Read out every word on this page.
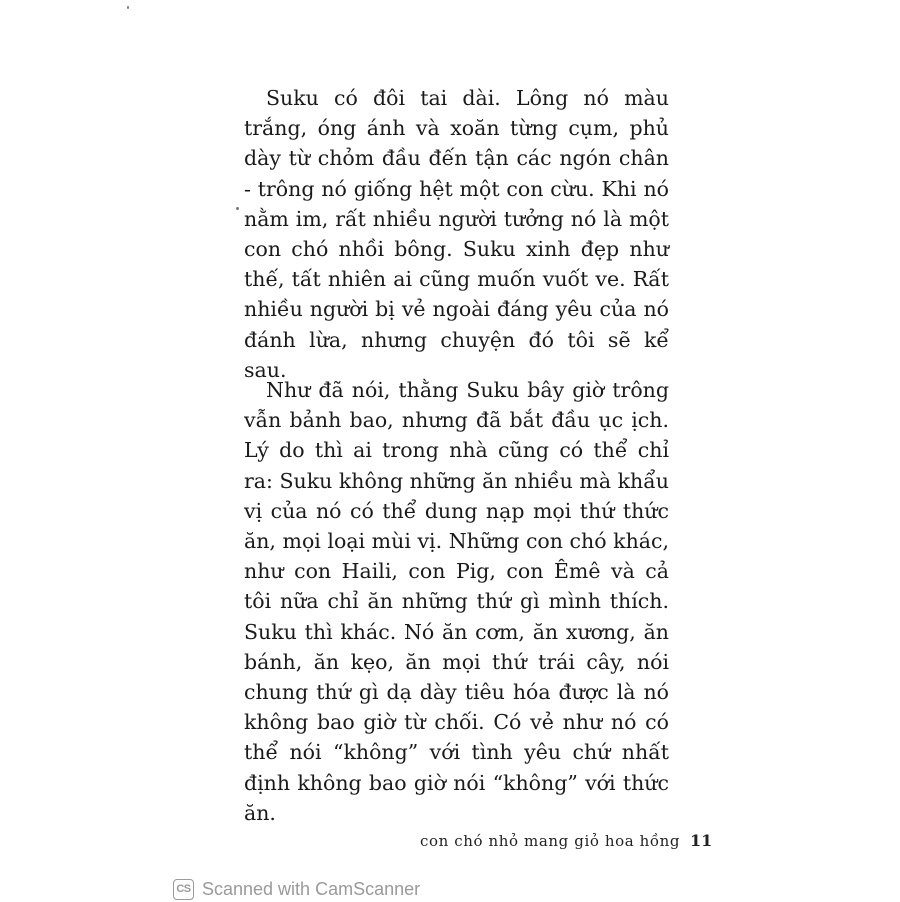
Suku có đôi tai dài. Lông nó màu trắng, óng ánh và xoăn từng cụm, phủ dày từ chỏm đầu đến tận các ngón chân - trông nó giống hệt một con cừu. Khi nó nằm im, rất nhiều người tưởng nó là một con chó nhồi bông. Suku xinh đẹp như thế, tất nhiên ai cũng muốn vuốt ve. Rất nhiều người bị vẻ ngoài đáng yêu của nó đánh lừa, nhưng chuyện đó tôi sẽ kể sau.

Như đã nói, thằng Suku bây giờ trông vẫn bảnh bao, nhưng đã bắt đầu ục ịch. Lý do thì ai trong nhà cũng có thể chỉ ra: Suku không những ăn nhiều mà khẩu vị của nó có thể dung nạp mọi thứ thức ăn, mọi loại mùi vị. Những con chó khác, như con Haili, con Pig, con Êmê và cả tôi nữa chỉ ăn những thứ gì mình thích. Suku thì khác. Nó ăn cơm, ăn xương, ăn bánh, ăn kẹo, ăn mọi thứ trái cây, nói chung thứ gì dạ dày tiêu hóa được là nó không bao giờ từ chối. Có vẻ như nó có thể nói “không” với tình yêu chứ nhất định không bao giờ nói “không” với thức ăn.

con chó nhỏ mang giỏ hoa hồng 11
CS Scanned with CamScanner
